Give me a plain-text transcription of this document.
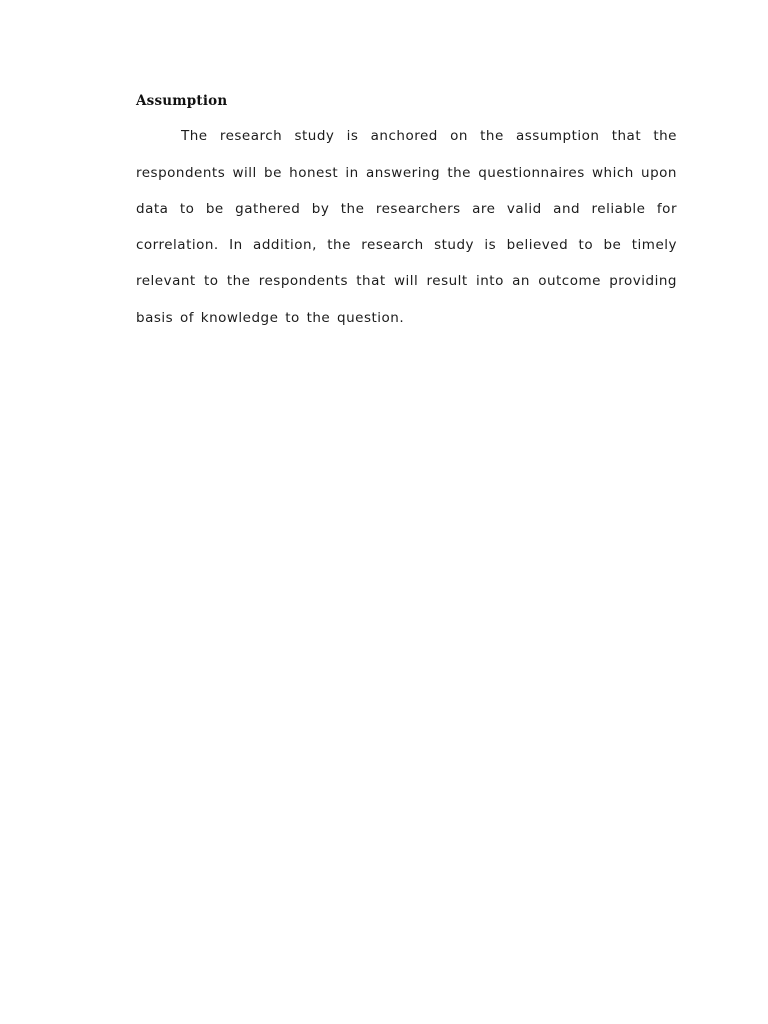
Assumption
The research study is anchored on the assumption that the
respondents will be honest in answering the questionnaires which upon
data to be gathered by the researchers are valid and reliable for
correlation. In addition, the research study is believed to be timely
relevant to the respondents that will result into an outcome providing
basis of knowledge to the question.
